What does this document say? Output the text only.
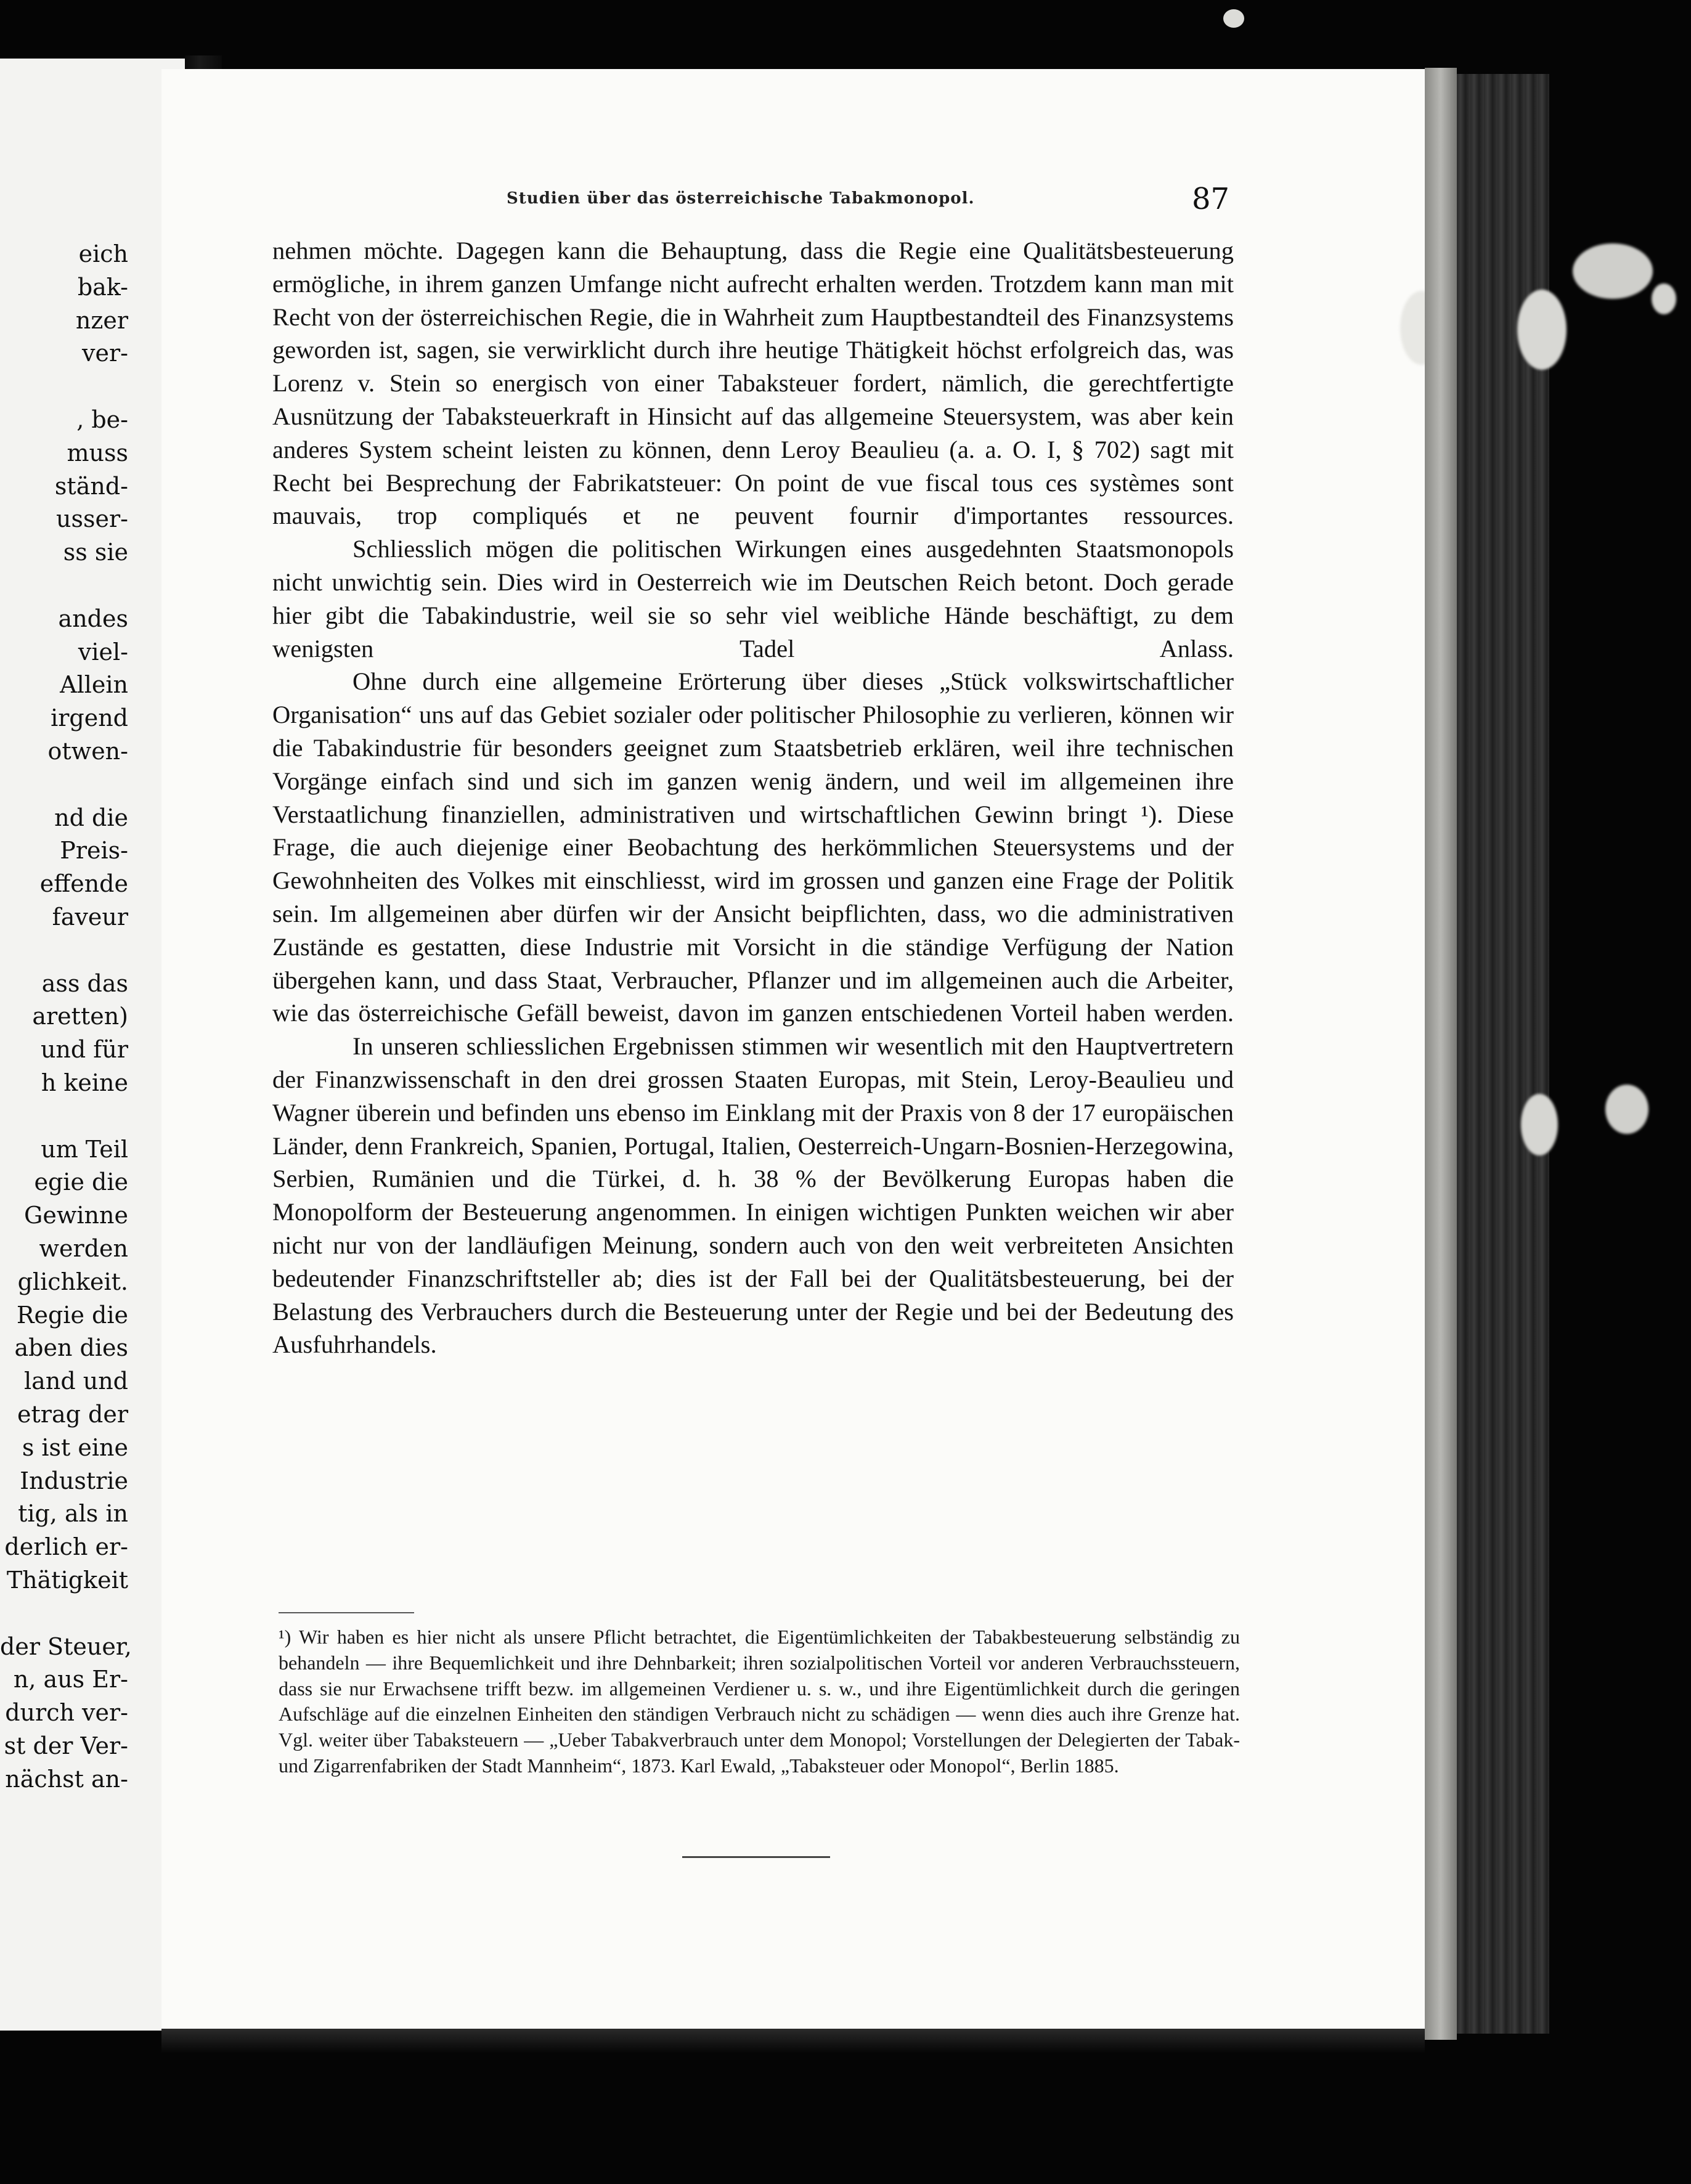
eich
bak-
nzer
ver-
, be-
muss
ständ-
usser-
ss sie
andes
viel-
Allein
irgend
otwen-
nd die
Preis-
effende
faveur
ass das
aretten)
und für
h keine
um Teil
egie die
Gewinne
werden
glichkeit.
Regie die
aben dies
land und
etrag der
s ist eine
Industrie
tig, als in
derlich er-
Thätigkeit
der Steuer,
n, aus Er-
durch ver-
st der Ver-
nächst an-
Studien über das österreichische Tabakmonopol.	87

nehmen möchte. Dagegen kann die Behauptung, dass die Regie eine Qualitätsbesteuerung ermögliche, in ihrem ganzen Umfange nicht aufrecht erhalten werden. Trotzdem kann man mit Recht von der österreichischen Regie, die in Wahrheit zum Hauptbestandteil des Finanzsystems geworden ist, sagen, sie verwirklicht durch ihre heutige Thätigkeit höchst erfolgreich das, was Lorenz v. Stein so energisch von einer Tabaksteuer fordert, nämlich, die gerechtfertigte Ausnützung der Tabaksteuerkraft in Hinsicht auf das allgemeine Steuersystem, was aber kein anderes System scheint leisten zu können, denn Leroy Beaulieu (a. a. O. I, § 702) sagt mit Recht bei Besprechung der Fabrikatsteuer: On point de vue fiscal tous ces systèmes sont mauvais, trop compliqués et ne peuvent fournir d'importantes ressources.

Schliesslich mögen die politischen Wirkungen eines ausgedehnten Staatsmonopols nicht unwichtig sein. Dies wird in Oesterreich wie im Deutschen Reich betont. Doch gerade hier gibt die Tabakindustrie, weil sie so sehr viel weibliche Hände beschäftigt, zu dem wenigsten Tadel Anlass.

Ohne durch eine allgemeine Erörterung über dieses „Stück volkswirtschaftlicher Organisation“ uns auf das Gebiet sozialer oder politischer Philosophie zu verlieren, können wir die Tabakindustrie für besonders geeignet zum Staatsbetrieb erklären, weil ihre technischen Vorgänge einfach sind und sich im ganzen wenig ändern, und weil im allgemeinen ihre Verstaatlichung finanziellen, administrativen und wirtschaftlichen Gewinn bringt ¹). Diese Frage, die auch diejenige einer Beobachtung des herkömmlichen Steuersystems und der Gewohnheiten des Volkes mit einschliesst, wird im grossen und ganzen eine Frage der Politik sein. Im allgemeinen aber dürfen wir der Ansicht beipflichten, dass, wo die administrativen Zustände es gestatten, diese Industrie mit Vorsicht in die ständige Verfügung der Nation übergehen kann, und dass Staat, Verbraucher, Pflanzer und im allgemeinen auch die Arbeiter, wie das österreichische Gefäll beweist, davon im ganzen entschiedenen Vorteil haben werden.

In unseren schliesslichen Ergebnissen stimmen wir wesentlich mit den Hauptvertretern der Finanzwissenschaft in den drei grossen Staaten Europas, mit Stein, Leroy-Beaulieu und Wagner überein und befinden uns ebenso im Einklang mit der Praxis von 8 der 17 europäischen Länder, denn Frankreich, Spanien, Portugal, Italien, Oesterreich-Ungarn-Bosnien-Herzegowina, Serbien, Rumänien und die Türkei, d. h. 38 % der Bevölkerung Europas haben die Monopolform der Besteuerung angenommen. In einigen wichtigen Punkten weichen wir aber nicht nur von der landläufigen Meinung, sondern auch von den weit verbreiteten Ansichten bedeutender Finanzschriftsteller ab; dies ist der Fall bei der Qualitätsbesteuerung, bei der Belastung des Verbrauchers durch die Besteuerung unter der Regie und bei der Bedeutung des Ausfuhrhandels.

¹) Wir haben es hier nicht als unsere Pflicht betrachtet, die Eigentümlichkeiten der Tabakbesteuerung selbständig zu behandeln — ihre Bequemlichkeit und ihre Dehnbarkeit; ihren sozialpolitischen Vorteil vor anderen Verbrauchssteuern, dass sie nur Erwachsene trifft bezw. im allgemeinen Verdiener u. s. w., und ihre Eigentümlichkeit durch die geringen Aufschläge auf die einzelnen Einheiten den ständigen Verbrauch nicht zu schädigen — wenn dies auch ihre Grenze hat. Vgl. weiter über Tabaksteuern — „Ueber Tabakverbrauch unter dem Monopol; Vorstellungen der Delegierten der Tabak- und Zigarrenfabriken der Stadt Mannheim“, 1873. Karl Ewald, „Tabaksteuer oder Monopol“, Berlin 1885.
